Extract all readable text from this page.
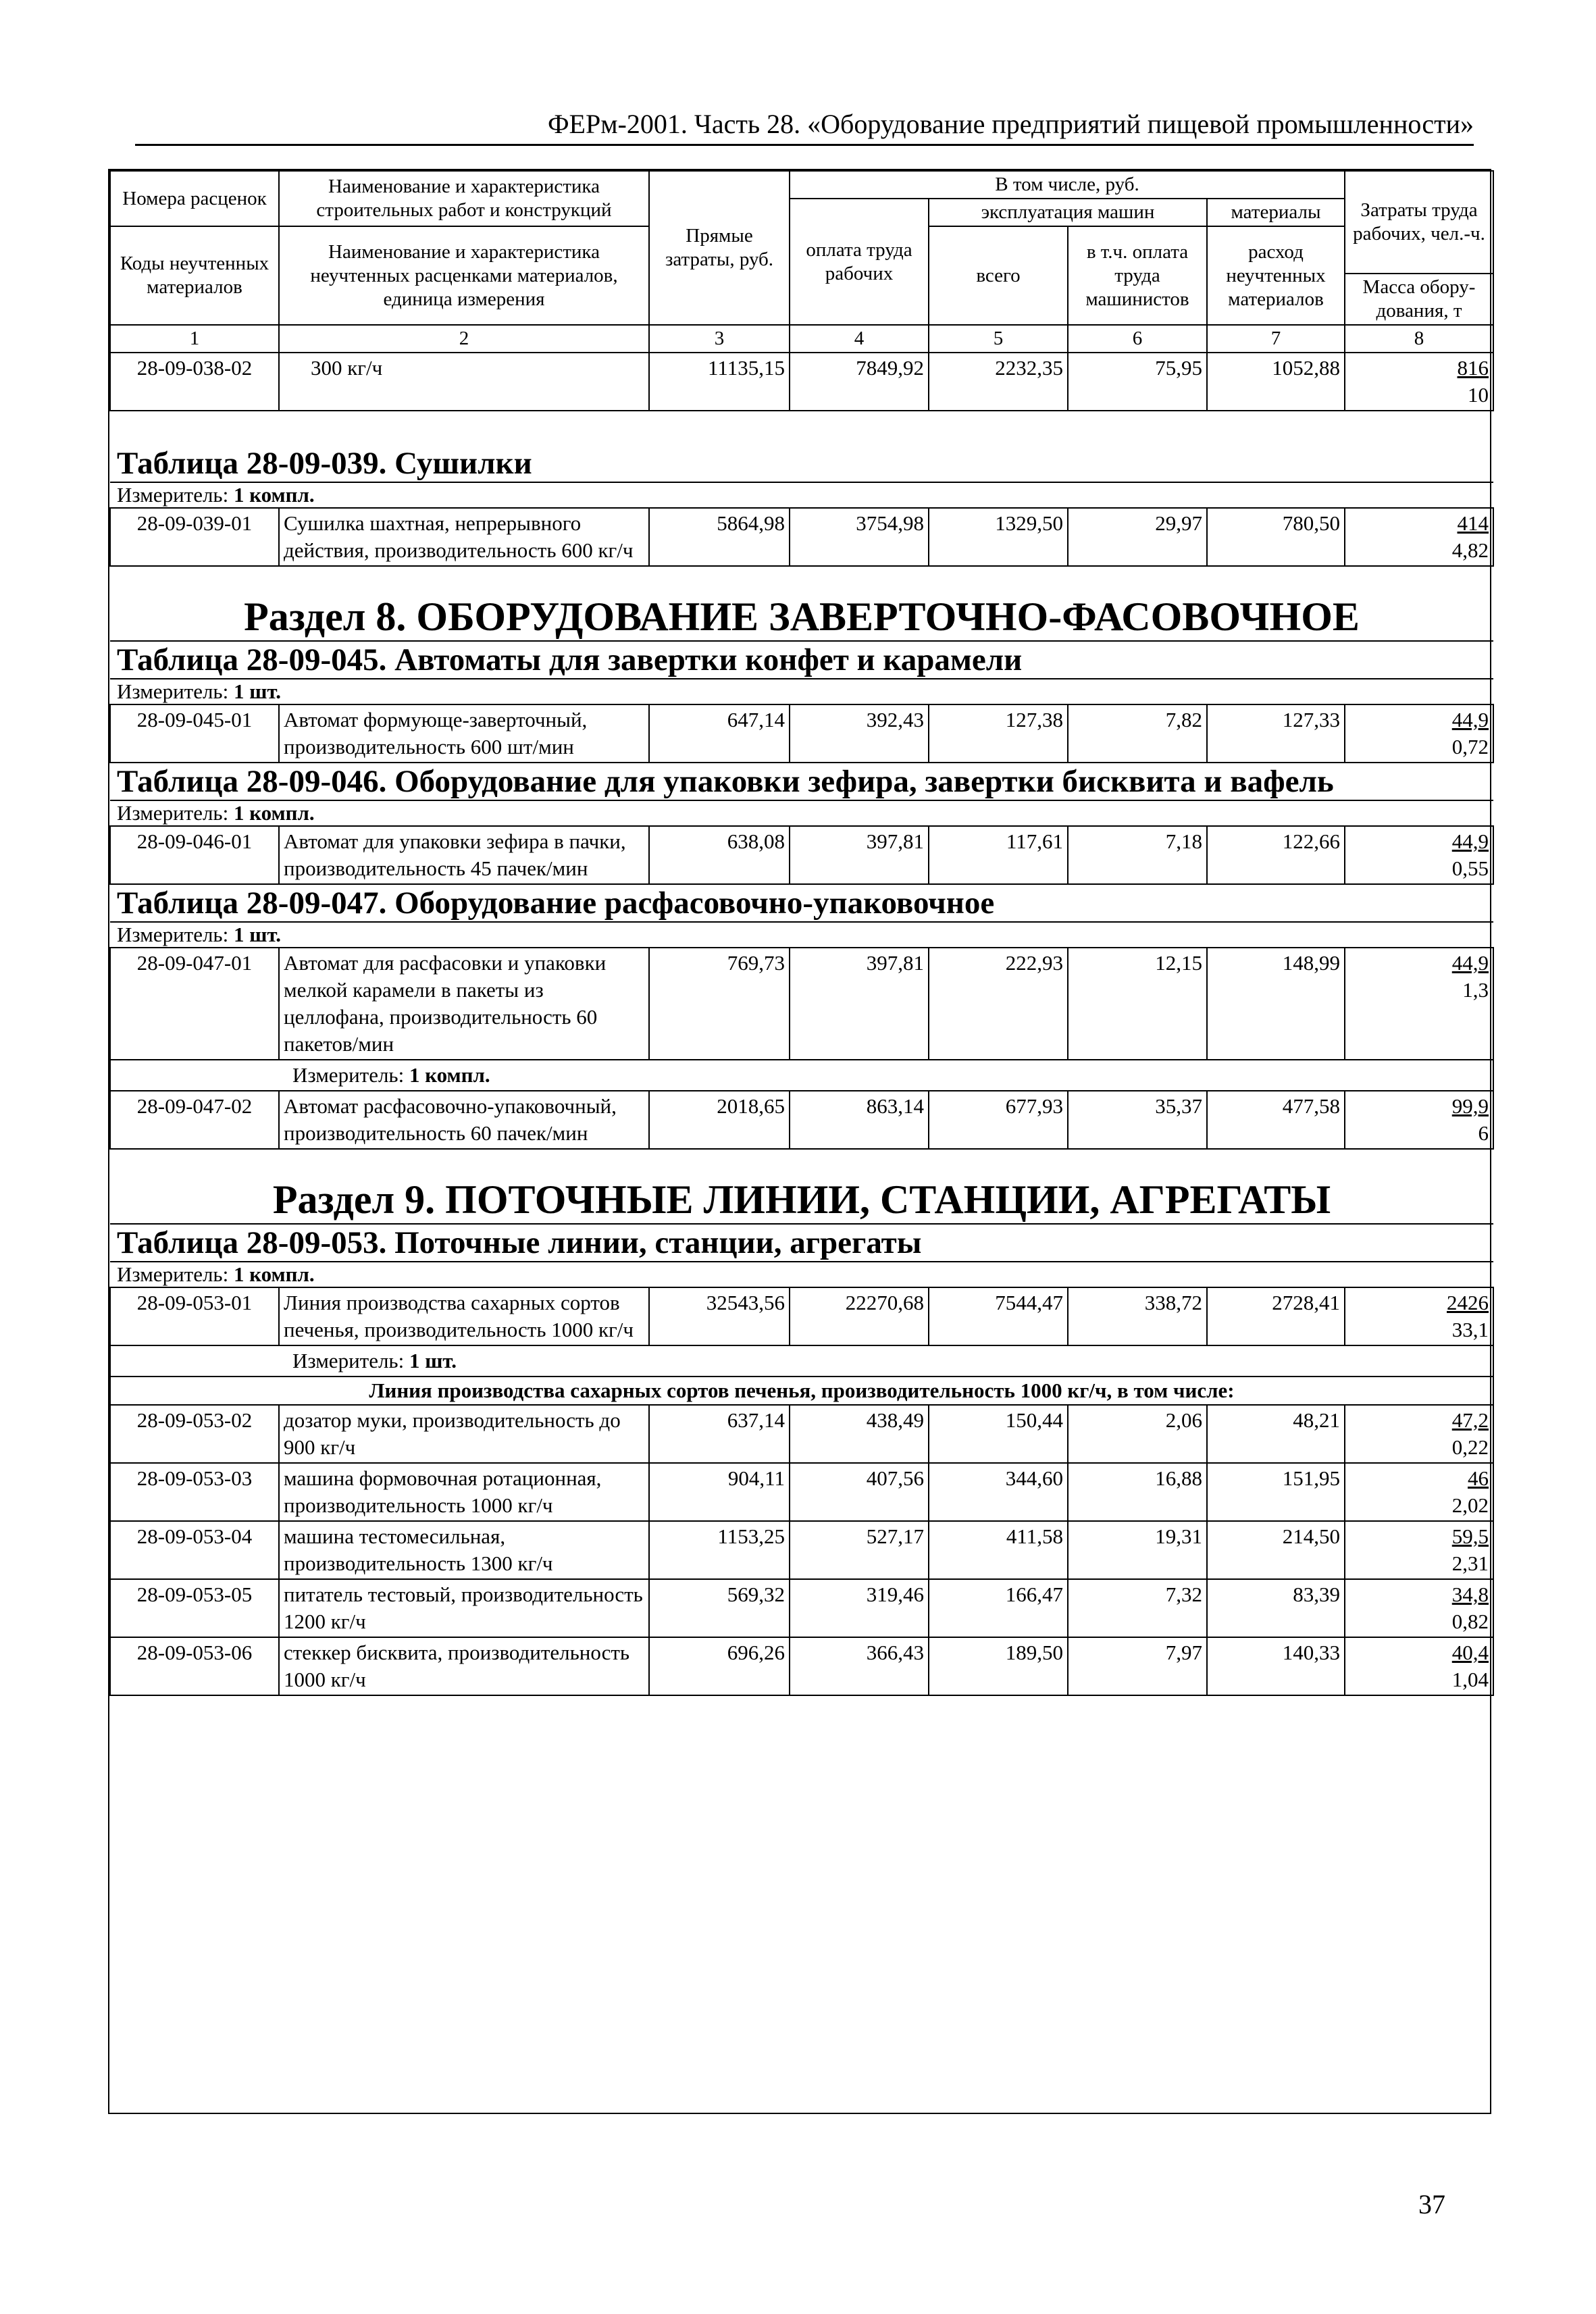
ФЕРм-2001. Часть 28. «Оборудование предприятий пищевой промышленности»
Номера расценок	Наименование и характеристика строительных работ и конструкций	Прямые затраты, руб.	В том числе, руб.				Затраты труда рабочих, чел.-ч.
			оплата труда рабочих	эксплуатация машин		материалы	
Коды неучтенных материалов	Наименование и характеристика неучтенных расценками материалов, единица измерения			всего	в т.ч. оплата труда машинистов	расход неучтенных материалов	
							Масса обору-дования, т
1	2	3	4	5	6	7	8
28-09-038-02	300 кг/ч	11135,15	7849,92	2232,35	75,95	1052,88	816
10
Таблица 28-09-039. Сушилки							
Измеритель: 1 компл.							
28-09-039-01	Сушилка шахтная, непрерывного действия, производительность 600 кг/ч	5864,98	3754,98	1329,50	29,97	780,50	414
4,82
Раздел 8. ОБОРУДОВАНИЕ ЗАВЕРТОЧНО-ФАСОВОЧНОЕ							
Таблица 28-09-045. Автоматы для завертки конфет и карамели							
Измеритель: 1 шт.							
28-09-045-01	Автомат формующе-заверточный, производительность 600 шт/мин	647,14	392,43	127,38	7,82	127,33	44,9
0,72
Таблица 28-09-046. Оборудование для упаковки зефира, завертки бисквита и вафель							
Измеритель: 1 компл.							
28-09-046-01	Автомат для упаковки зефира в пачки, производительность 45 пачек/мин	638,08	397,81	117,61	7,18	122,66	44,9
0,55
Таблица 28-09-047. Оборудование расфасовочно-упаковочное							
Измеритель: 1 шт.							
28-09-047-01	Автомат для расфасовки и упаковки мелкой карамели в пакеты из целлофана, производительность 60 пакетов/мин	769,73	397,81	222,93	12,15	148,99	44,9
1,3
	Измеритель: 1 компл.						
28-09-047-02	Автомат расфасовочно-упаковочный, производительность 60 пачек/мин	2018,65	863,14	677,93	35,37	477,58	99,9
6
Раздел 9. ПОТОЧНЫЕ ЛИНИИ, СТАНЦИИ, АГРЕГАТЫ							
Таблица 28-09-053. Поточные линии, станции, агрегаты							
Измеритель: 1 компл.							
28-09-053-01	Линия производства сахарных сортов печенья, производительность 1000 кг/ч	32543,56	22270,68	7544,47	338,72	2728,41	2426
33,1
	Измеритель: 1 шт.						
Линия производства сахарных сортов печенья, производительность 1000 кг/ч, в том числе:							
28-09-053-02	дозатор муки, производительность до 900 кг/ч	637,14	438,49	150,44	2,06	48,21	47,2
0,22
28-09-053-03	машина формовочная ротационная, производительность 1000 кг/ч	904,11	407,56	344,60	16,88	151,95	46
2,02
28-09-053-04	машина тестомесильная, производительность 1300 кг/ч	1153,25	527,17	411,58	19,31	214,50	59,5
2,31
28-09-053-05	питатель тестовый, производительность 1200 кг/ч	569,32	319,46	166,47	7,32	83,39	34,8
0,82
28-09-053-06	стеккер бисквита, производительность 1000 кг/ч	696,26	366,43	189,50	7,97	140,33	40,4
1,04
37
